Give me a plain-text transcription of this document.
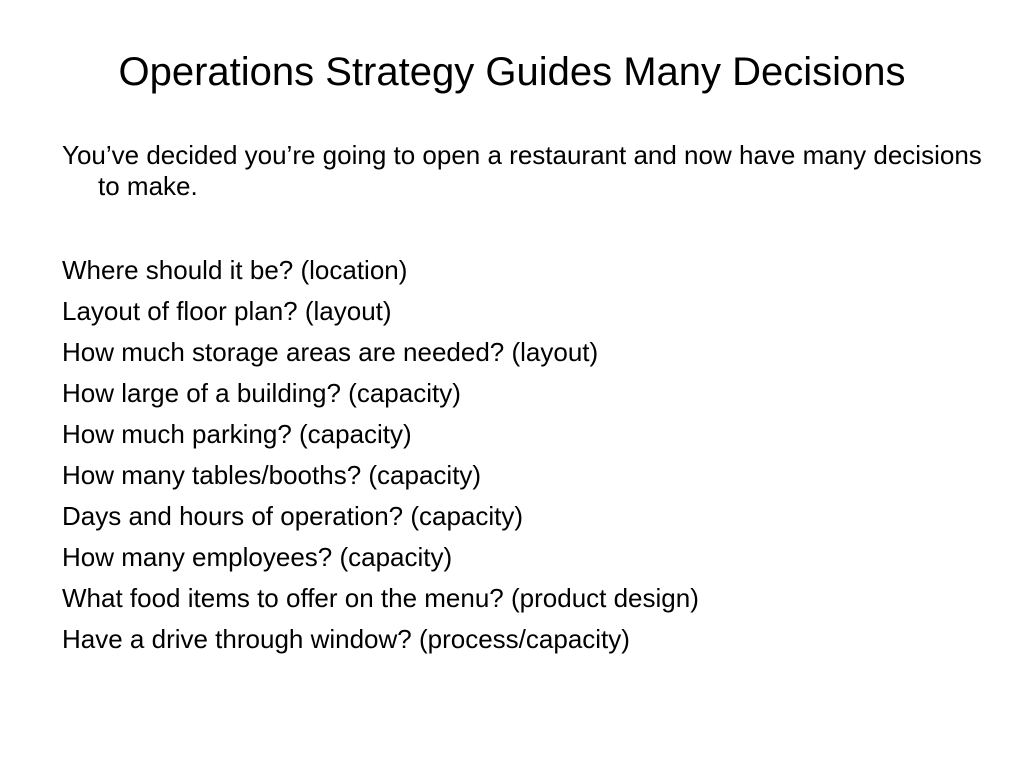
Operations Strategy Guides Many Decisions

You’ve decided you’re going to open a restaurant and now have many decisions to make.

Where should it be? (location)
Layout of floor plan? (layout)
How much storage areas are needed? (layout)
How large of a building? (capacity)
How much parking? (capacity)
How many tables/booths? (capacity)
Days and hours of operation? (capacity)
How many employees? (capacity)
What food items to offer on the menu? (product design)
Have a drive through window? (process/capacity)
